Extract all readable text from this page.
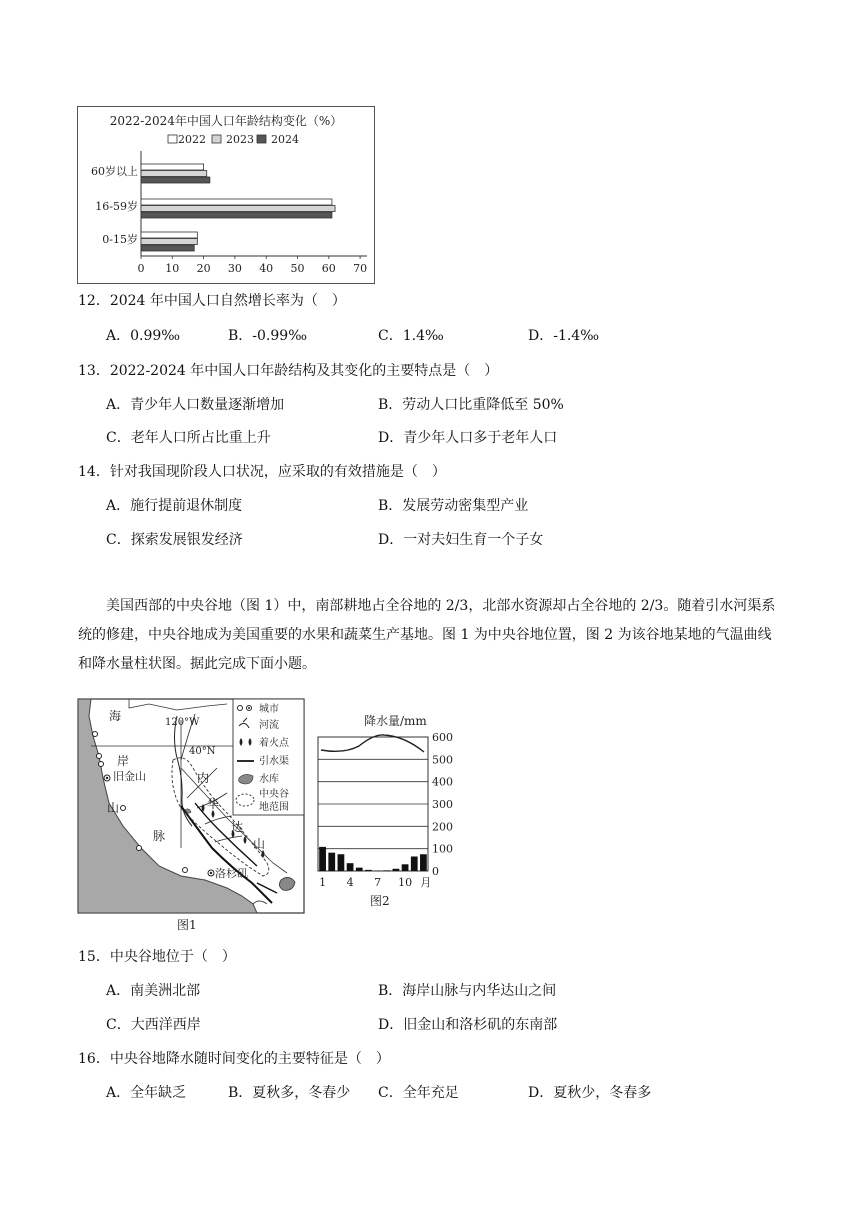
2022-2024年中国人口年龄结构变化（%）
2022 2023 2024
0 10 20 30 40 50 60 70
60岁以上
16-59岁
0-15岁
12．2024 年中国人口自然增长率为（　）
A．0.99‰	B．-0.99‰	C．1.4‰	D．-1.4‰
13．2022-2024 年中国人口年龄结构及其变化的主要特点是（　）
A．青少年人口数量逐渐增加	B．劳动人口比重降低至 50%
C．老年人口所占比重上升	D．青少年人口多于老年人口
14．针对我国现阶段人口状况，应采取的有效措施是（　）
A．施行提前退休制度	B．发展劳动密集型产业
C．探索发展银发经济	D．一对夫妇生育一个子女
美国西部的中央谷地（图 1）中，南部耕地占全谷地的 2/3，北部水资源却占全谷地的 2/3。随着引水河渠系统的修建，中央谷地成为美国重要的水果和蔬菜生产基地。图 1 为中央谷地位置，图 2 为该谷地某地的气温曲线和降水量柱状图。据此完成下面小题。
120°W
40°N
海
岸
旧金山
山
脉
内
华
达
山
洛杉矶
城市
河流
着火点
引水渠
水库
中央谷 地范围
图1
降水量/mm
600
500
400
300
200
100
0
1 4 7 10 月
图2
15．中央谷地位于（　）
A．南美洲北部	B．海岸山脉与内华达山之间
C．大西洋西岸	D．旧金山和洛杉矶的东南部
16．中央谷地降水随时间变化的主要特征是（　）
A．全年缺乏	B．夏秋多，冬春少 C．全年充足	D．夏秋少，冬春多
